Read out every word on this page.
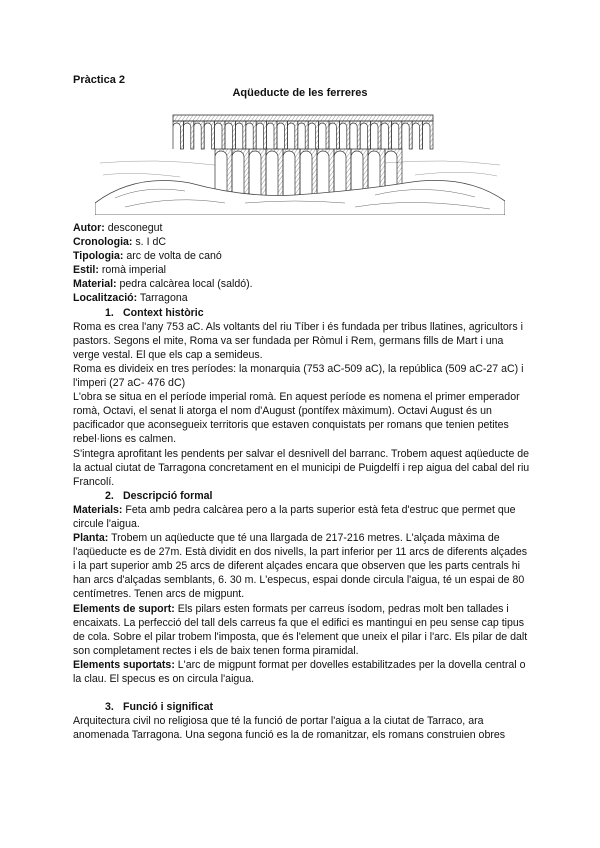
Pràctica 2
Aqüeducte de les ferreres

Autor: desconegut

Cronologia: s. I dC

Tipologia: arc de volta de canó

Estil: romà imperial

Material: pedra calcàrea local (saldó).

Localització: Tarragona

1. Context històric

Roma es crea l'any 753 aC. Als voltants del riu Tíber i és fundada per tribus llatines, agricultors i pastors. Segons el mite, Roma va ser fundada per Ròmul i Rem, germans fills de Mart i una verge vestal. El que els cap a semideus.

Roma es divideix en tres períodes: la monarquia (753 aC-509 aC), la república (509 aC-27 aC) i l'imperi (27 aC- 476 dC)

L'obra se situa en el període imperial romà. En aquest període es nomena el primer emperador romà, Octavi, el senat li atorga el nom d'August (pontífex màximum). Octavi August és un pacificador que aconsegueix territoris que estaven conquistats per romans que tenien petites rebel·lions es calmen.

S'integra aprofitant les pendents per salvar el desnivell del barranc. Trobem aquest aqüeducte de la actual ciutat de Tarragona concretament en el municipi de Puigdelfí i rep aigua del cabal del riu Francolí.

2. Descripció formal

Materials: Feta amb pedra calcàrea pero a la parts superior està feta d'estruc que permet que circule l'aigua.

Planta: Trobem un aqüeducte que té una llargada de 217-216 metres. L'alçada màxima de l'aqüeducte es de 27m. Està dividit en dos nivells, la part inferior per 11 arcs de diferents alçades i la part superior amb 25 arcs de diferent alçades encara que observen que les parts centrals hi han arcs d'alçadas semblants, 6. 30 m. L'especus, espai donde circula l'aigua, té un espai de 80 centímetres. Tenen arcs de migpunt.

Elements de suport: Els pilars esten formats per carreus ísodom, pedras molt ben tallades i encaixats. La perfecció del tall dels carreus fa que el edifici es mantingui en peu sense cap tipus de cola. Sobre el pilar trobem l'imposta, que és l'element que uneix el pilar i l'arc. Els pilar de dalt son completament rectes i els de baix tenen forma piramidal.

Elements suportats: L'arc de migpunt format per dovelles estabilitzades per la dovella central o la clau. El specus es on circula l'aigua.

3. Funció i significat

Arquitectura civil no religiosa que té la funció de portar l'aigua a la ciutat de Tarraco, ara anomenada Tarragona. Una segona funció es la de romanitzar, els romans construien obres
